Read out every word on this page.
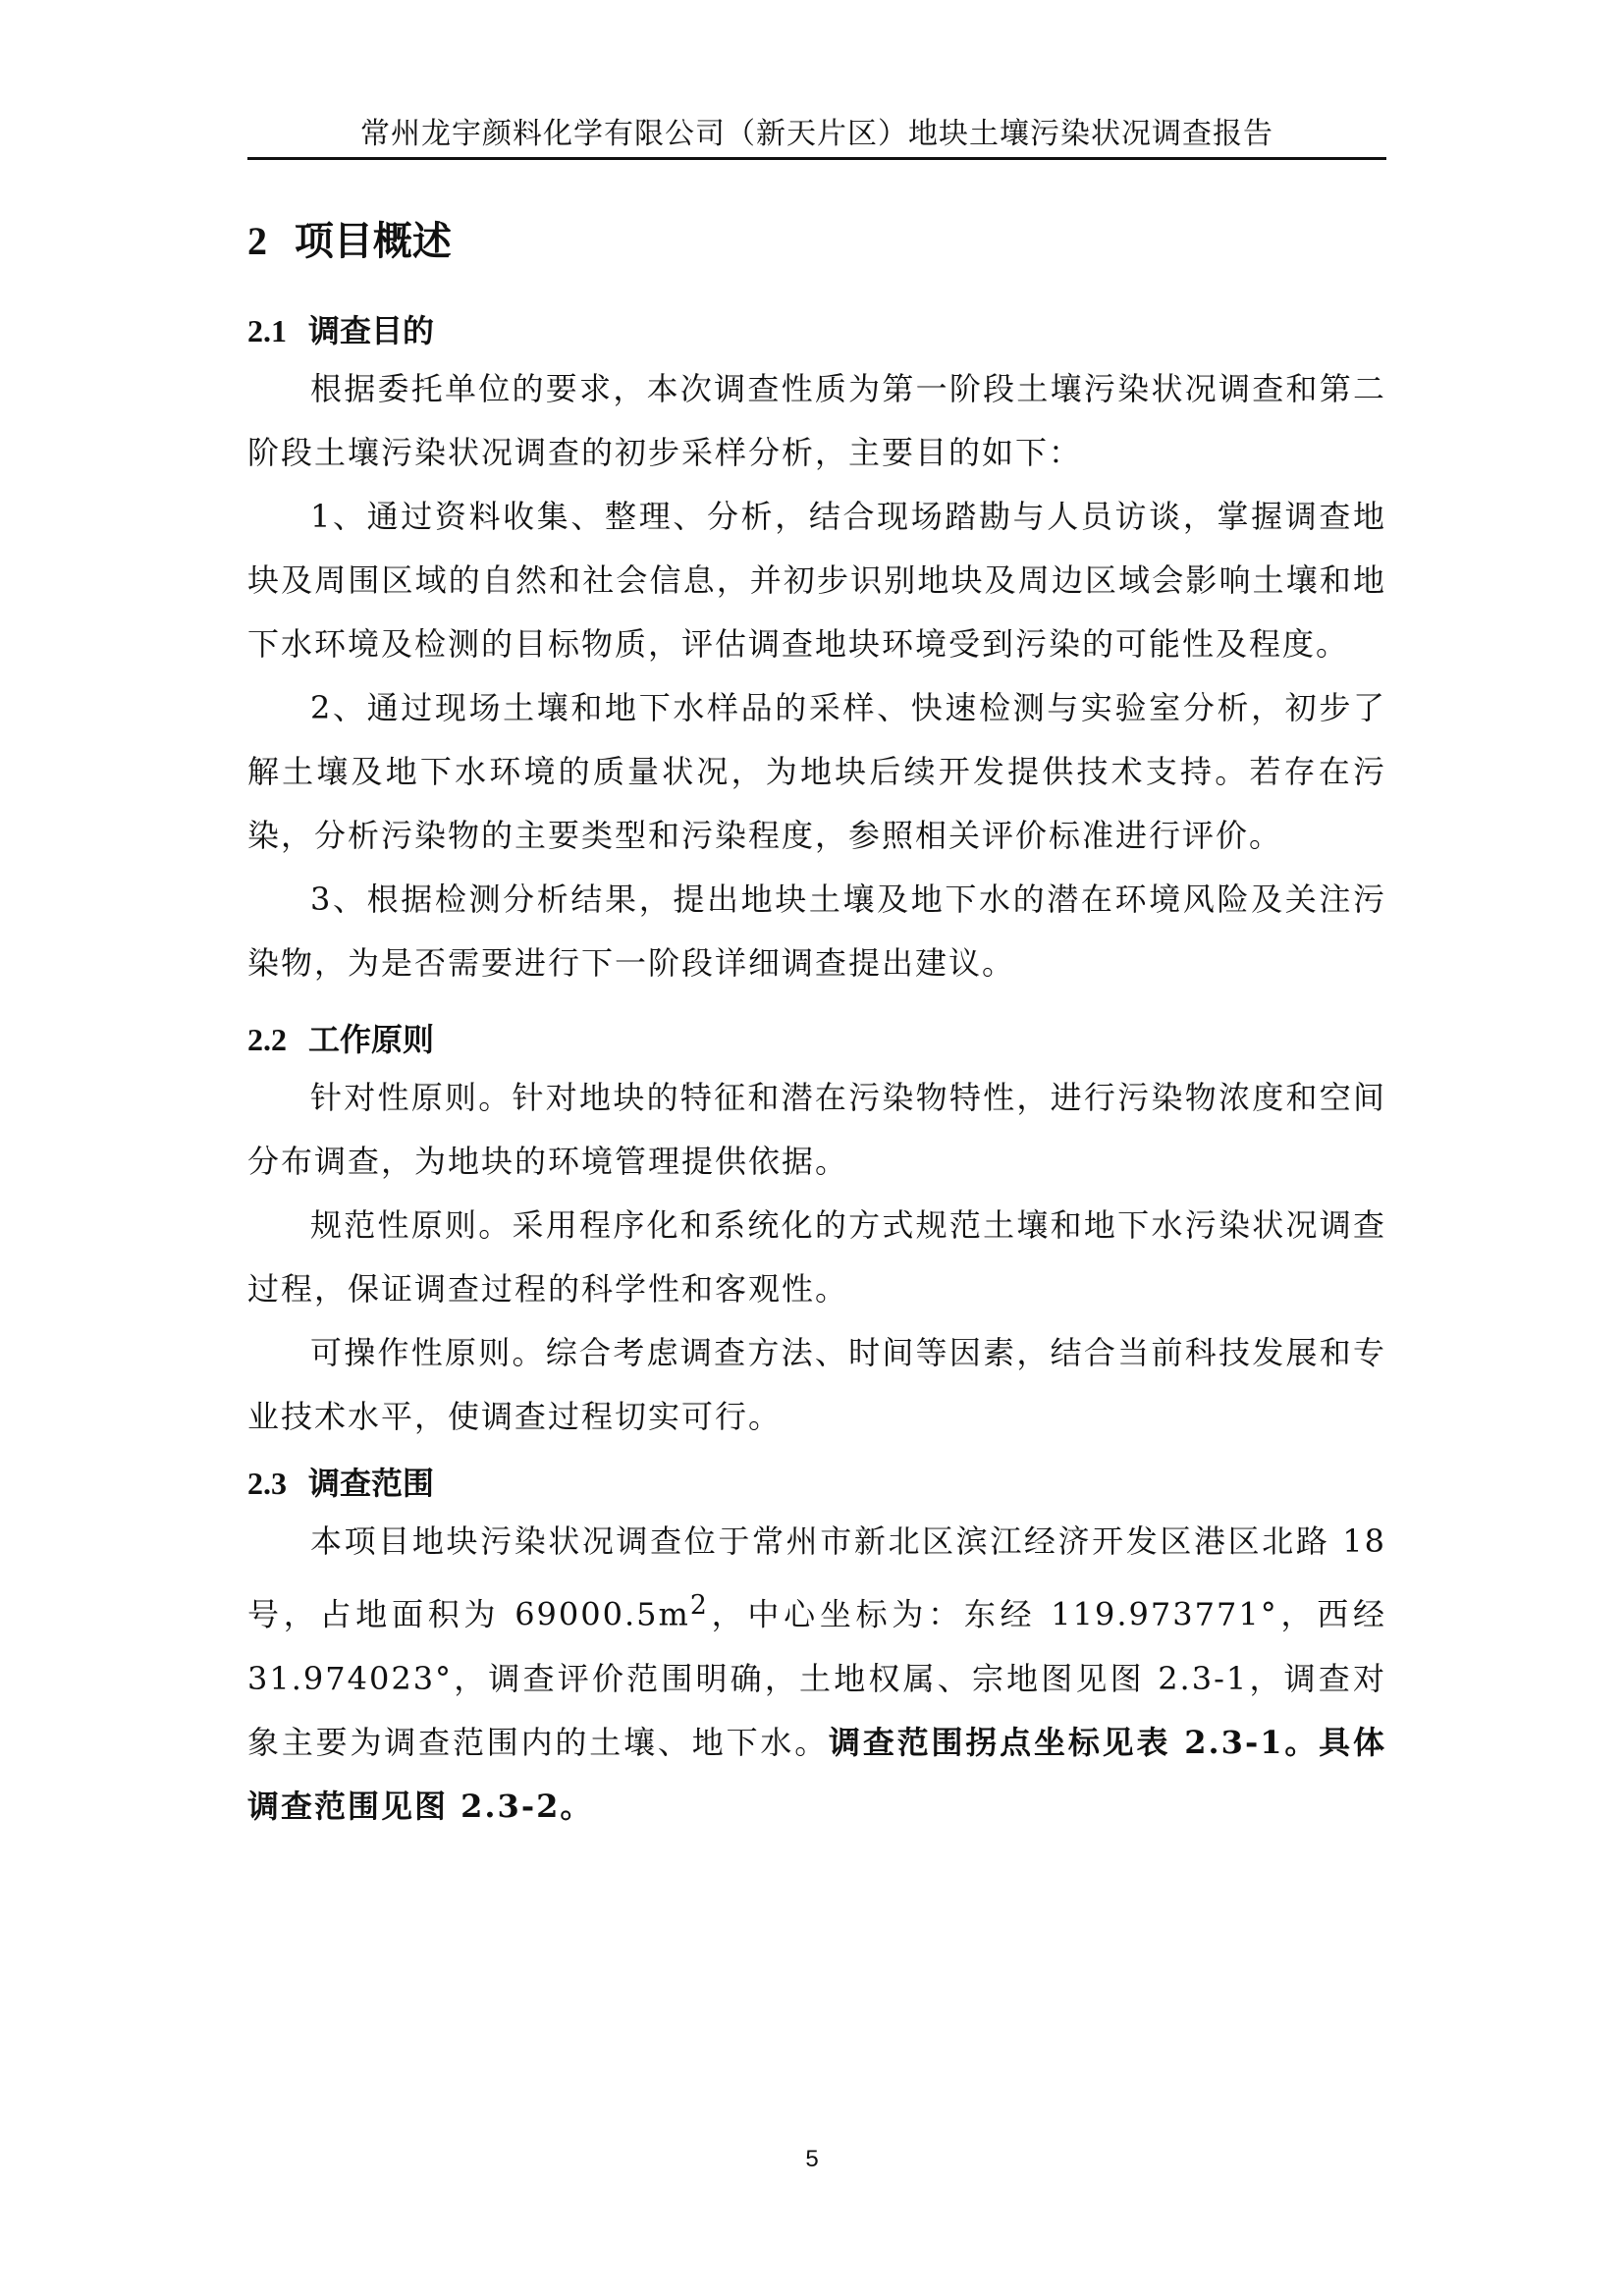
常州龙宇颜料化学有限公司（新天片区）地块土壤污染状况调查报告
2 项目概述
2.1 调查目的

根据委托单位的要求，本次调查性质为第一阶段土壤污染状况调查和第二阶段土壤污染状况调查的初步采样分析，主要目的如下：

1、通过资料收集、整理、分析，结合现场踏勘与人员访谈，掌握调查地块及周围区域的自然和社会信息，并初步识别地块及周边区域会影响土壤和地下水环境及检测的目标物质，评估调查地块环境受到污染的可能性及程度。

2、通过现场土壤和地下水样品的采样、快速检测与实验室分析，初步了解土壤及地下水环境的质量状况，为地块后续开发提供技术支持。若存在污染，分析污染物的主要类型和污染程度，参照相关评价标准进行评价。

3、根据检测分析结果，提出地块土壤及地下水的潜在环境风险及关注污染物，为是否需要进行下一阶段详细调查提出建议。

2.2 工作原则

针对性原则。针对地块的特征和潜在污染物特性，进行污染物浓度和空间分布调查，为地块的环境管理提供依据。

规范性原则。采用程序化和系统化的方式规范土壤和地下水污染状况调查过程，保证调查过程的科学性和客观性。

可操作性原则。综合考虑调查方法、时间等因素，结合当前科技发展和专业技术水平，使调查过程切实可行。

2.3 调查范围

本项目地块污染状况调查位于常州市新北区滨江经济开发区港区北路 18 号，占地面积为 $69000.5m^2$，中心坐标为：东经 119.973771°，西经 31.974023°，调查评价范围明确，土地权属、宗地图见图 2.3-1，调查对象主要为调查范围内的土壤、地下水。调查范围拐点坐标见表 2.3-1。具体调查范围见图 2.3-2。

5
